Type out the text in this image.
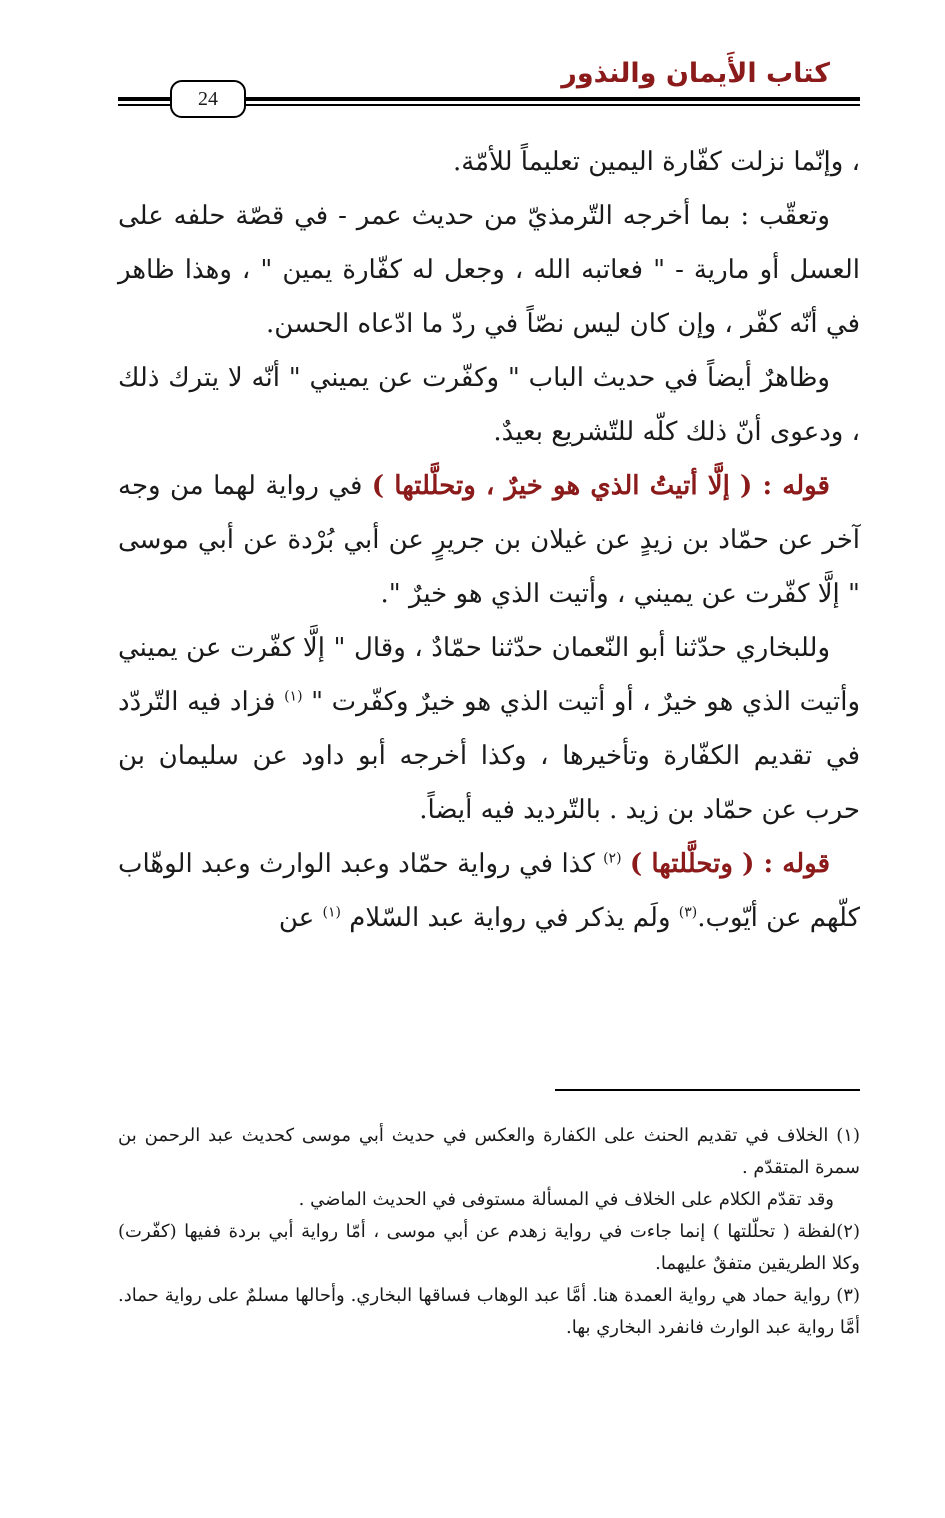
كتاب الأَيمان والنذور
24

، وإنّما نزلت كفّارة اليمين تعليماً للأمّة.

وتعقّب : بما أخرجه التّرمذيّ من حديث عمر - في قصّة حلفه على العسل أو مارية - " فعاتبه الله ، وجعل له كفّارة يمين " ، وهذا ظاهر في أنّه كفّر ، وإن كان ليس نصّاً في ردّ ما ادّعاه الحسن.

وظاهرٌ أيضاً في حديث الباب " وكفّرت عن يميني " أنّه لا يترك ذلك ، ودعوى أنّ ذلك كلّه للتّشريع بعيدٌ.

قوله : ( إلَّا أتيتُ الذي هو خيرٌ ، وتحلَّلتها ) في رواية لهما من وجه آخر عن حمّاد بن زيدٍ عن غيلان بن جريرٍ عن أبي بُرْدة عن أبي موسى " إلَّا كفّرت عن يميني ، وأتيت الذي هو خيرٌ ".

وللبخاري حدّثنا أبو النّعمان حدّثنا حمّادٌ ، وقال " إلَّا كفّرت عن يميني وأتيت الذي هو خيرٌ ، أو أتيت الذي هو خيرٌ وكفّرت " $^{(١)}$ فزاد فيه التّردّد في تقديم الكفّارة وتأخيرها ، وكذا أخرجه أبو داود عن سليمان بن حرب عن حمّاد بن زيد . بالتّرديد فيه أيضاً.

قوله : ( وتحلَّلتها ) $^{(٢)}$ كذا في رواية حمّاد وعبد الوارث وعبد الوهّاب كلّهم عن أيّوب.$^{(٣)}$ ولَم يذكر في رواية عبد السّلام $^{(١)}$ عن

(١) الخلاف في تقديم الحنث على الكفارة والعكس في حديث أبي موسى كحديث عبد الرحمن بن سمرة المتقدّم .

وقد تقدّم الكلام على الخلاف في المسألة مستوفى في الحديث الماضي .

(٢)لفظة ( تحلّلتها ) إنما جاءت في رواية زهدم عن أبي موسى ، أمّا رواية أبي بردة ففيها (كفّرت) وكلا الطريقين متفقٌ عليهما.

(٣) رواية حماد هي رواية العمدة هنا. أمَّا عبد الوهاب فساقها البخاري. وأحالها مسلمٌ على رواية حماد. أمَّا رواية عبد الوارث فانفرد البخاري بها.
